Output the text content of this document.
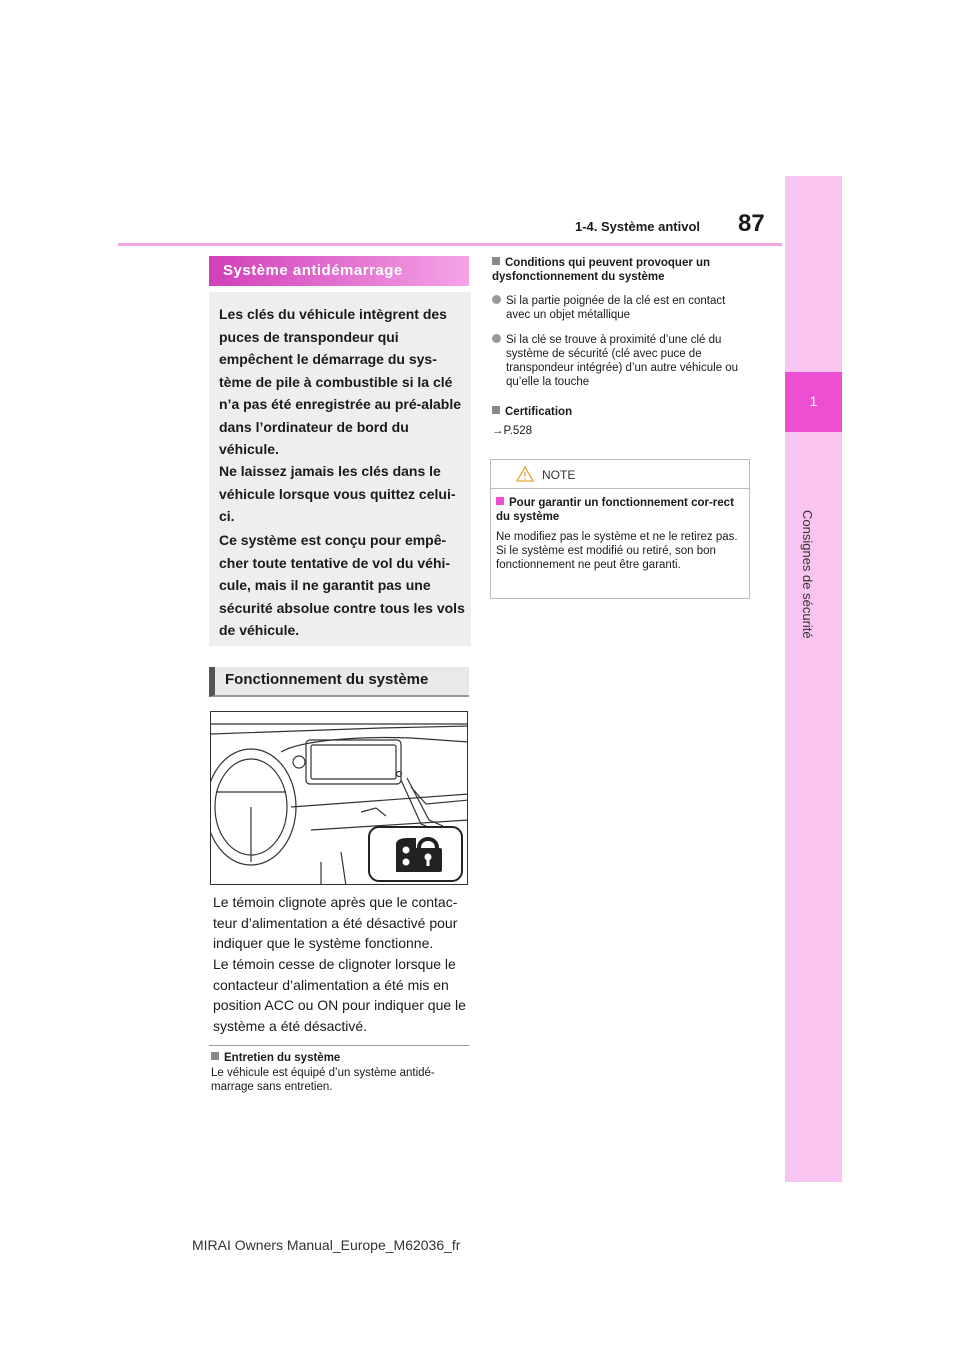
1
Consignes de sécurité
1-4. Système antivol 87
Système antidémarrage
Les clés du véhicule intègrent des puces de transpondeur qui empêchent le démarrage du sys-tème de pile à combustible si la clé n’a pas été enregistrée au pré-alable dans l’ordinateur de bord du véhicule.
Ne laissez jamais les clés dans le véhicule lorsque vous quittez celui-ci.
Ce système est conçu pour empê-cher toute tentative de vol du véhi-cule, mais il ne garantit pas une sécurité absolue contre tous les vols de véhicule.
Fonctionnement du système
Le témoin clignote après que le contac-teur d’alimentation a été désactivé pour indiquer que le système fonctionne.
Le témoin cesse de clignoter lorsque le contacteur d’alimentation a été mis en position ACC ou ON pour indiquer que le système a été désactivé.
Entretien du système
Le véhicule est équipé d’un système antidé-marrage sans entretien.
Conditions qui peuvent provoquer un dysfonctionnement du système
Si la partie poignée de la clé est en contact avec un objet métallique
Si la clé se trouve à proximité d’une clé du système de sécurité (clé avec puce de transpondeur intégrée) d’un autre véhicule ou qu’elle la touche
Certification
→P.528
NOTE
Pour garantir un fonctionnement cor-rect du système
Ne modifiez pas le système et ne le retirez pas. Si le système est modifié ou retiré, son bon fonctionnement ne peut être garanti.
MIRAI Owners Manual_Europe_M62036_fr
